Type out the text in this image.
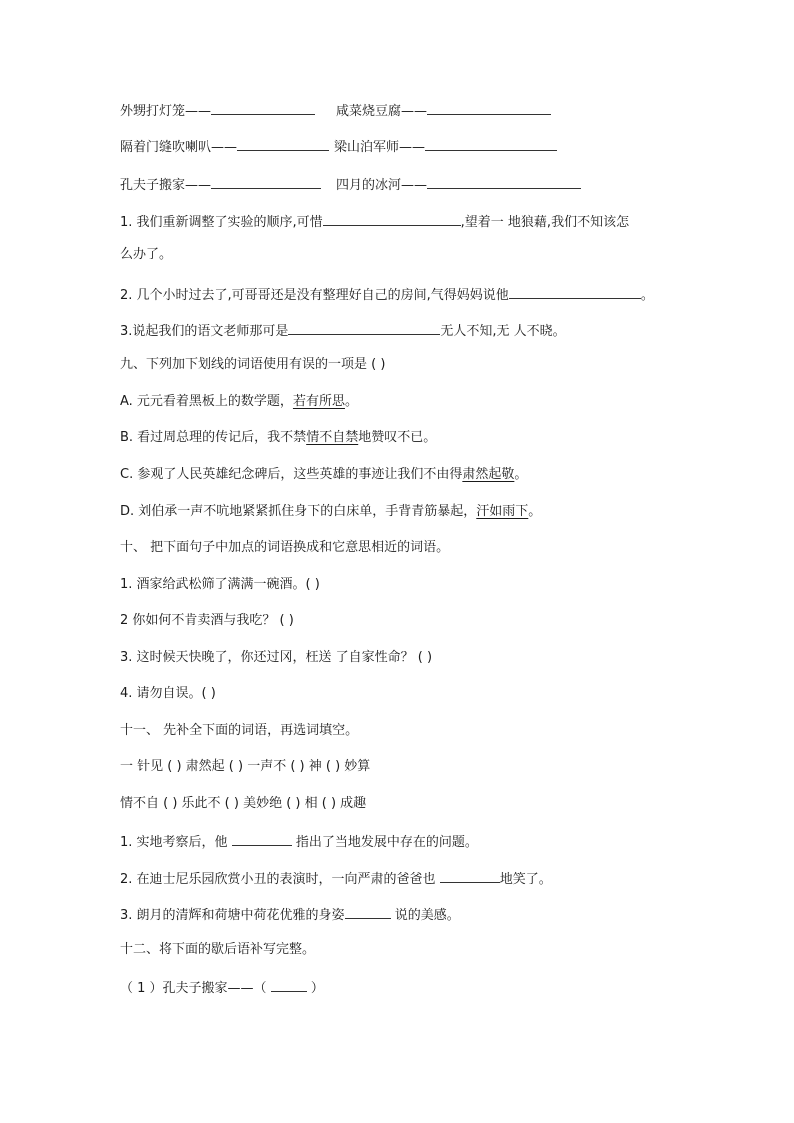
外甥打灯笼——	咸菜烧豆腐——
隔着门缝吹喇叭——	梁山泊军师——
孔夫子搬家——	四月的冰河——
1. 我们重新调整了实验的顺序,可惜	,望着一 地狼藉,我们不知该怎
么办了。
2. 几个小时过去了,可哥哥还是没有整理好自己的房间,气得妈妈说他	。
3.说起我们的语文老师那可是	无人不知,无 人不晓。
九、下列加下划线的词语使用有误的一项是 ( )
A. 元元看着黑板上的数学题，若有所思。
B. 看过周总理的传记后，我不禁情不自禁地赞叹不已。
C. 参观了人民英雄纪念碑后，这些英雄的事迹让我们不由得肃然起敬。
D. 刘伯承一声不吭地紧紧抓住身下的白床单，手背青筋暴起，汗如雨下。
十、 把下面句子中加点的词语换成和它意思相近的词语。
1. 酒家给武松筛了满满一碗酒。( )
2 你如何不肯卖酒与我吃？ ( )
3. 这时候天快晚了，你还过冈，枉送 了自家性命？ ( )
4. 请勿自误。( )
十一、 先补全下面的词语，再选词填空。
一 针见 ( ) 肃然起 ( ) 一声不 ( ) 神 ( ) 妙算
情不自 ( ) 乐此不 ( ) 美妙绝 ( ) 相 ( ) 成趣
1. 实地考察后，他	指出了当地发展中存在的问题。
2. 在迪士尼乐园欣赏小丑的表演时，一向严肃的爸爸也	地笑了。
3. 朗月的清辉和荷塘中荷花优雅的身姿	说的美感。
十二、将下面的歇后语补写完整。
（ 1 ）孔夫子搬家——（	）
